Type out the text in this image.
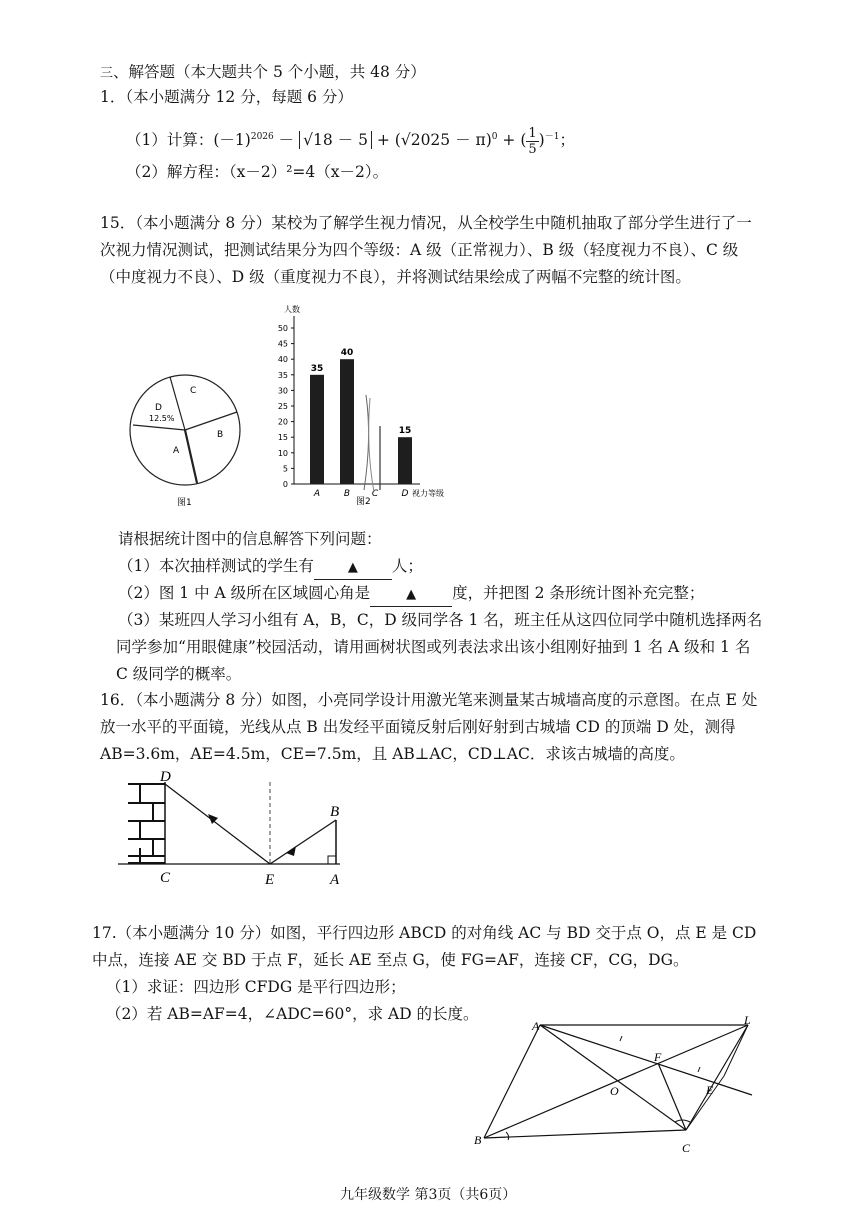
三、解答题（本大题共个 5 个小题，共 48 分）
1．（本小题满分 12 分，每题 6 分）
（1）计算：$(-1)^{2026} - √18 - 5 + (√2025 - \pi)^0$ + ( $\frac{1}{5} )^{-1}$；
（2）解方程：（x－2）²=4（x－2）。
15．（本小题满分 8 分）某校为了解学生视力情况，从全校学生中随机抽取了部分学生进行了一
次视力情况测试，把测试结果分为四个等级：A 级（正常视力）、B 级（轻度视力不良）、C 级
（中度视力不良）、D 级（重度视力不良），并将测试结果绘成了两幅不完整的统计图。
A
B
C
D
12.5%
图1
0
5
10
15
20
25
30
35
40
45
50
A	B C	D
35
40
15
人数
视力等级
图2
请根据统计图中的信息解答下列问题：
（1）本次抽样测试的学生有	▲ 人；
（2）图 1 中 A 级所在区域圆心角是	▲ 度，并把图 2 条形统计图补充完整；
（3）某班四人学习小组有 A，B，C，D 级同学各 1 名，班主任从这四位同学中随机选择两名
同学参加“用眼健康”校园活动，请用画树状图或列表法求出该小组刚好抽到 1 名 A 级和 1 名
C 级同学的概率。
16．（本小题满分 8 分）如图，小亮同学设计用激光笔来测量某古城墙高度的示意图。在点 E 处
放一水平的平面镜，光线从点 B 出发经平面镜反射后刚好射到古城墙 CD 的顶端 D 处，测得
AB=3.6m，AE=4.5m，CE=7.5m，且 AB⊥AC，CD⊥AC．求该古城墙的高度。
D
B
C	E	A
17.（本小题满分 10 分）如图，平行四边形 ABCD 的对角线 AC 与 BD 交于点 O，点 E 是 CD
中点，连接 AE 交 BD 于点 F，延长 AE 至点 G，使 FG=AF，连接 CF，CG，DG。
（1）求证：四边形 CFDG 是平行四边形；
（2）若 AB=AF=4，∠ADC=60°，求 AD 的长度。
A	L
F
O	E
B
C
九年级数学 第3页（共6页）
